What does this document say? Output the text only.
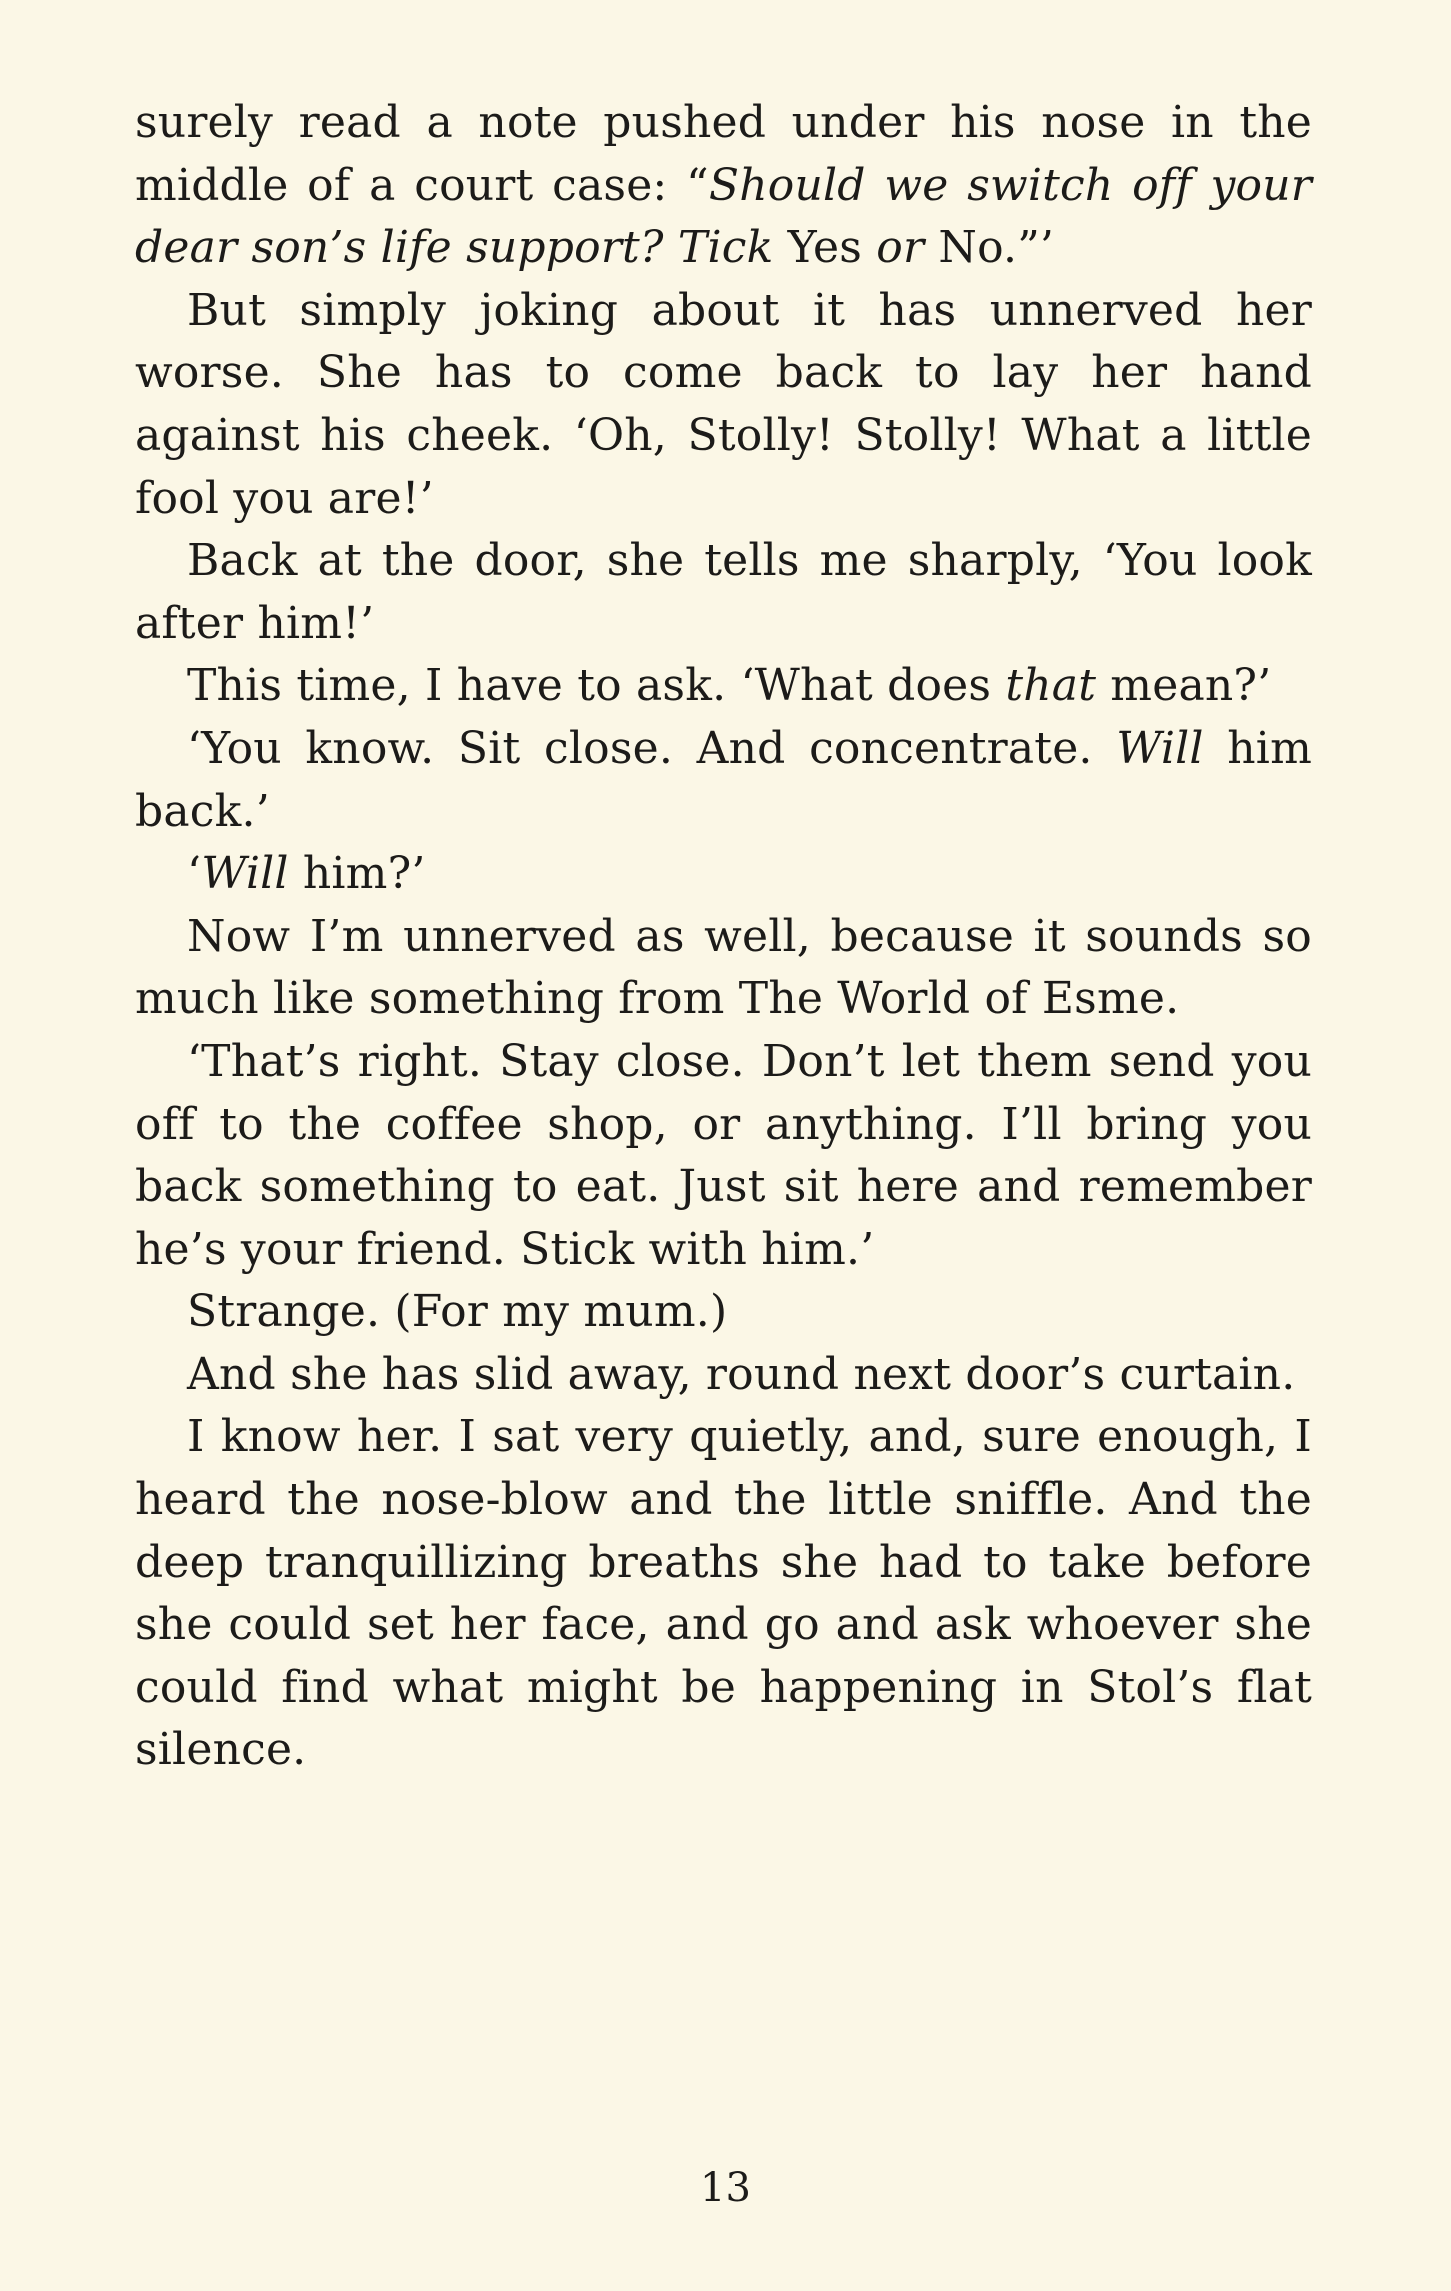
surely read a note pushed under his nose in the middle of a court case: “Should we switch off your dear son’s life support? Tick Yes or No.”’

But simply joking about it has unnerved her worse. She has to come back to lay her hand against his cheek. ‘Oh, Stolly! Stolly! What a little fool you are!’

Back at the door, she tells me sharply, ‘You look after him!’

This time, I have to ask. ‘What does that mean?’

‘You know. Sit close. And concentrate. Will him back.’

‘Will him?’

Now I’m unnerved as well, because it sounds so much like something from The World of Esme.

‘That’s right. Stay close. Don’t let them send you off to the coffee shop, or anything. I’ll bring you back something to eat. Just sit here and remember he’s your friend. Stick with him.’

Strange. (For my mum.)

And she has slid away, round next door’s curtain.

I know her. I sat very quietly, and, sure enough, I heard the nose-blow and the little sniffle. And the deep tranquillizing breaths she had to take before she could set her face, and go and ask whoever she could find what might be happening in Stol’s flat silence.

13
